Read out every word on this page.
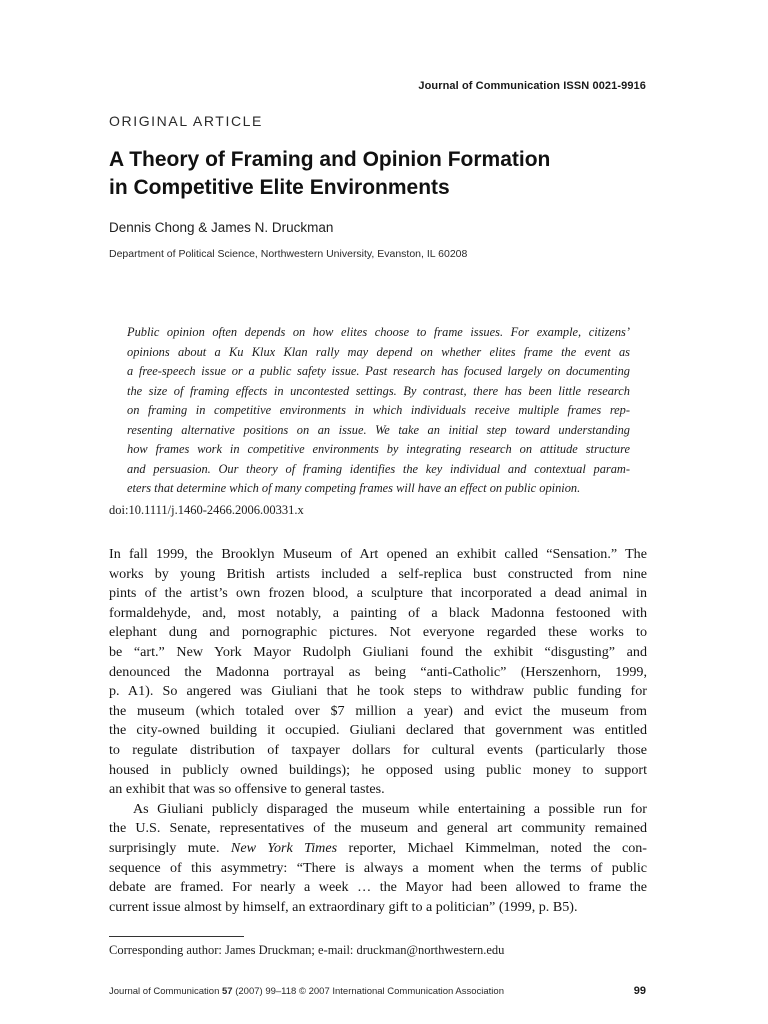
Journal of Communication ISSN 0021-9916
ORIGINAL ARTICLE
A Theory of Framing and Opinion Formation
in Competitive Elite Environments
Dennis Chong & James N. Druckman
Department of Political Science, Northwestern University, Evanston, IL 60208
Public opinion often depends on how elites choose to frame issues. For example, citizens’
opinions about a Ku Klux Klan rally may depend on whether elites frame the event as
a free-speech issue or a public safety issue. Past research has focused largely on documenting
the size of framing effects in uncontested settings. By contrast, there has been little research
on framing in competitive environments in which individuals receive multiple frames rep-
resenting alternative positions on an issue. We take an initial step toward understanding
how frames work in competitive environments by integrating research on attitude structure
and persuasion. Our theory of framing identifies the key individual and contextual param-
eters that determine which of many competing frames will have an effect on public opinion.
doi:10.1111/j.1460-2466.2006.00331.x
In fall 1999, the Brooklyn Museum of Art opened an exhibit called “Sensation.” The
works by young British artists included a self-replica bust constructed from nine
pints of the artist’s own frozen blood, a sculpture that incorporated a dead animal in
formaldehyde, and, most notably, a painting of a black Madonna festooned with
elephant dung and pornographic pictures. Not everyone regarded these works to
be “art.” New York Mayor Rudolph Giuliani found the exhibit “disgusting” and
denounced the Madonna portrayal as being “anti-Catholic” (Herszenhorn, 1999,
p. A1). So angered was Giuliani that he took steps to withdraw public funding for
the museum (which totaled over $7 million a year) and evict the museum from
the city-owned building it occupied. Giuliani declared that government was entitled
to regulate distribution of taxpayer dollars for cultural events (particularly those
housed in publicly owned buildings); he opposed using public money to support
an exhibit that was so offensive to general tastes.
As Giuliani publicly disparaged the museum while entertaining a possible run for
the U.S. Senate, representatives of the museum and general art community remained
surprisingly mute. New York Times reporter, Michael Kimmelman, noted the con-
sequence of this asymmetry: “There is always a moment when the terms of public
debate are framed. For nearly a week … the Mayor had been allowed to frame the
current issue almost by himself, an extraordinary gift to a politician” (1999, p. B5).
Corresponding author: James Druckman; e-mail: druckman@northwestern.edu
Journal of Communication 57 (2007) 99–118 © 2007 International Communication Association	99
